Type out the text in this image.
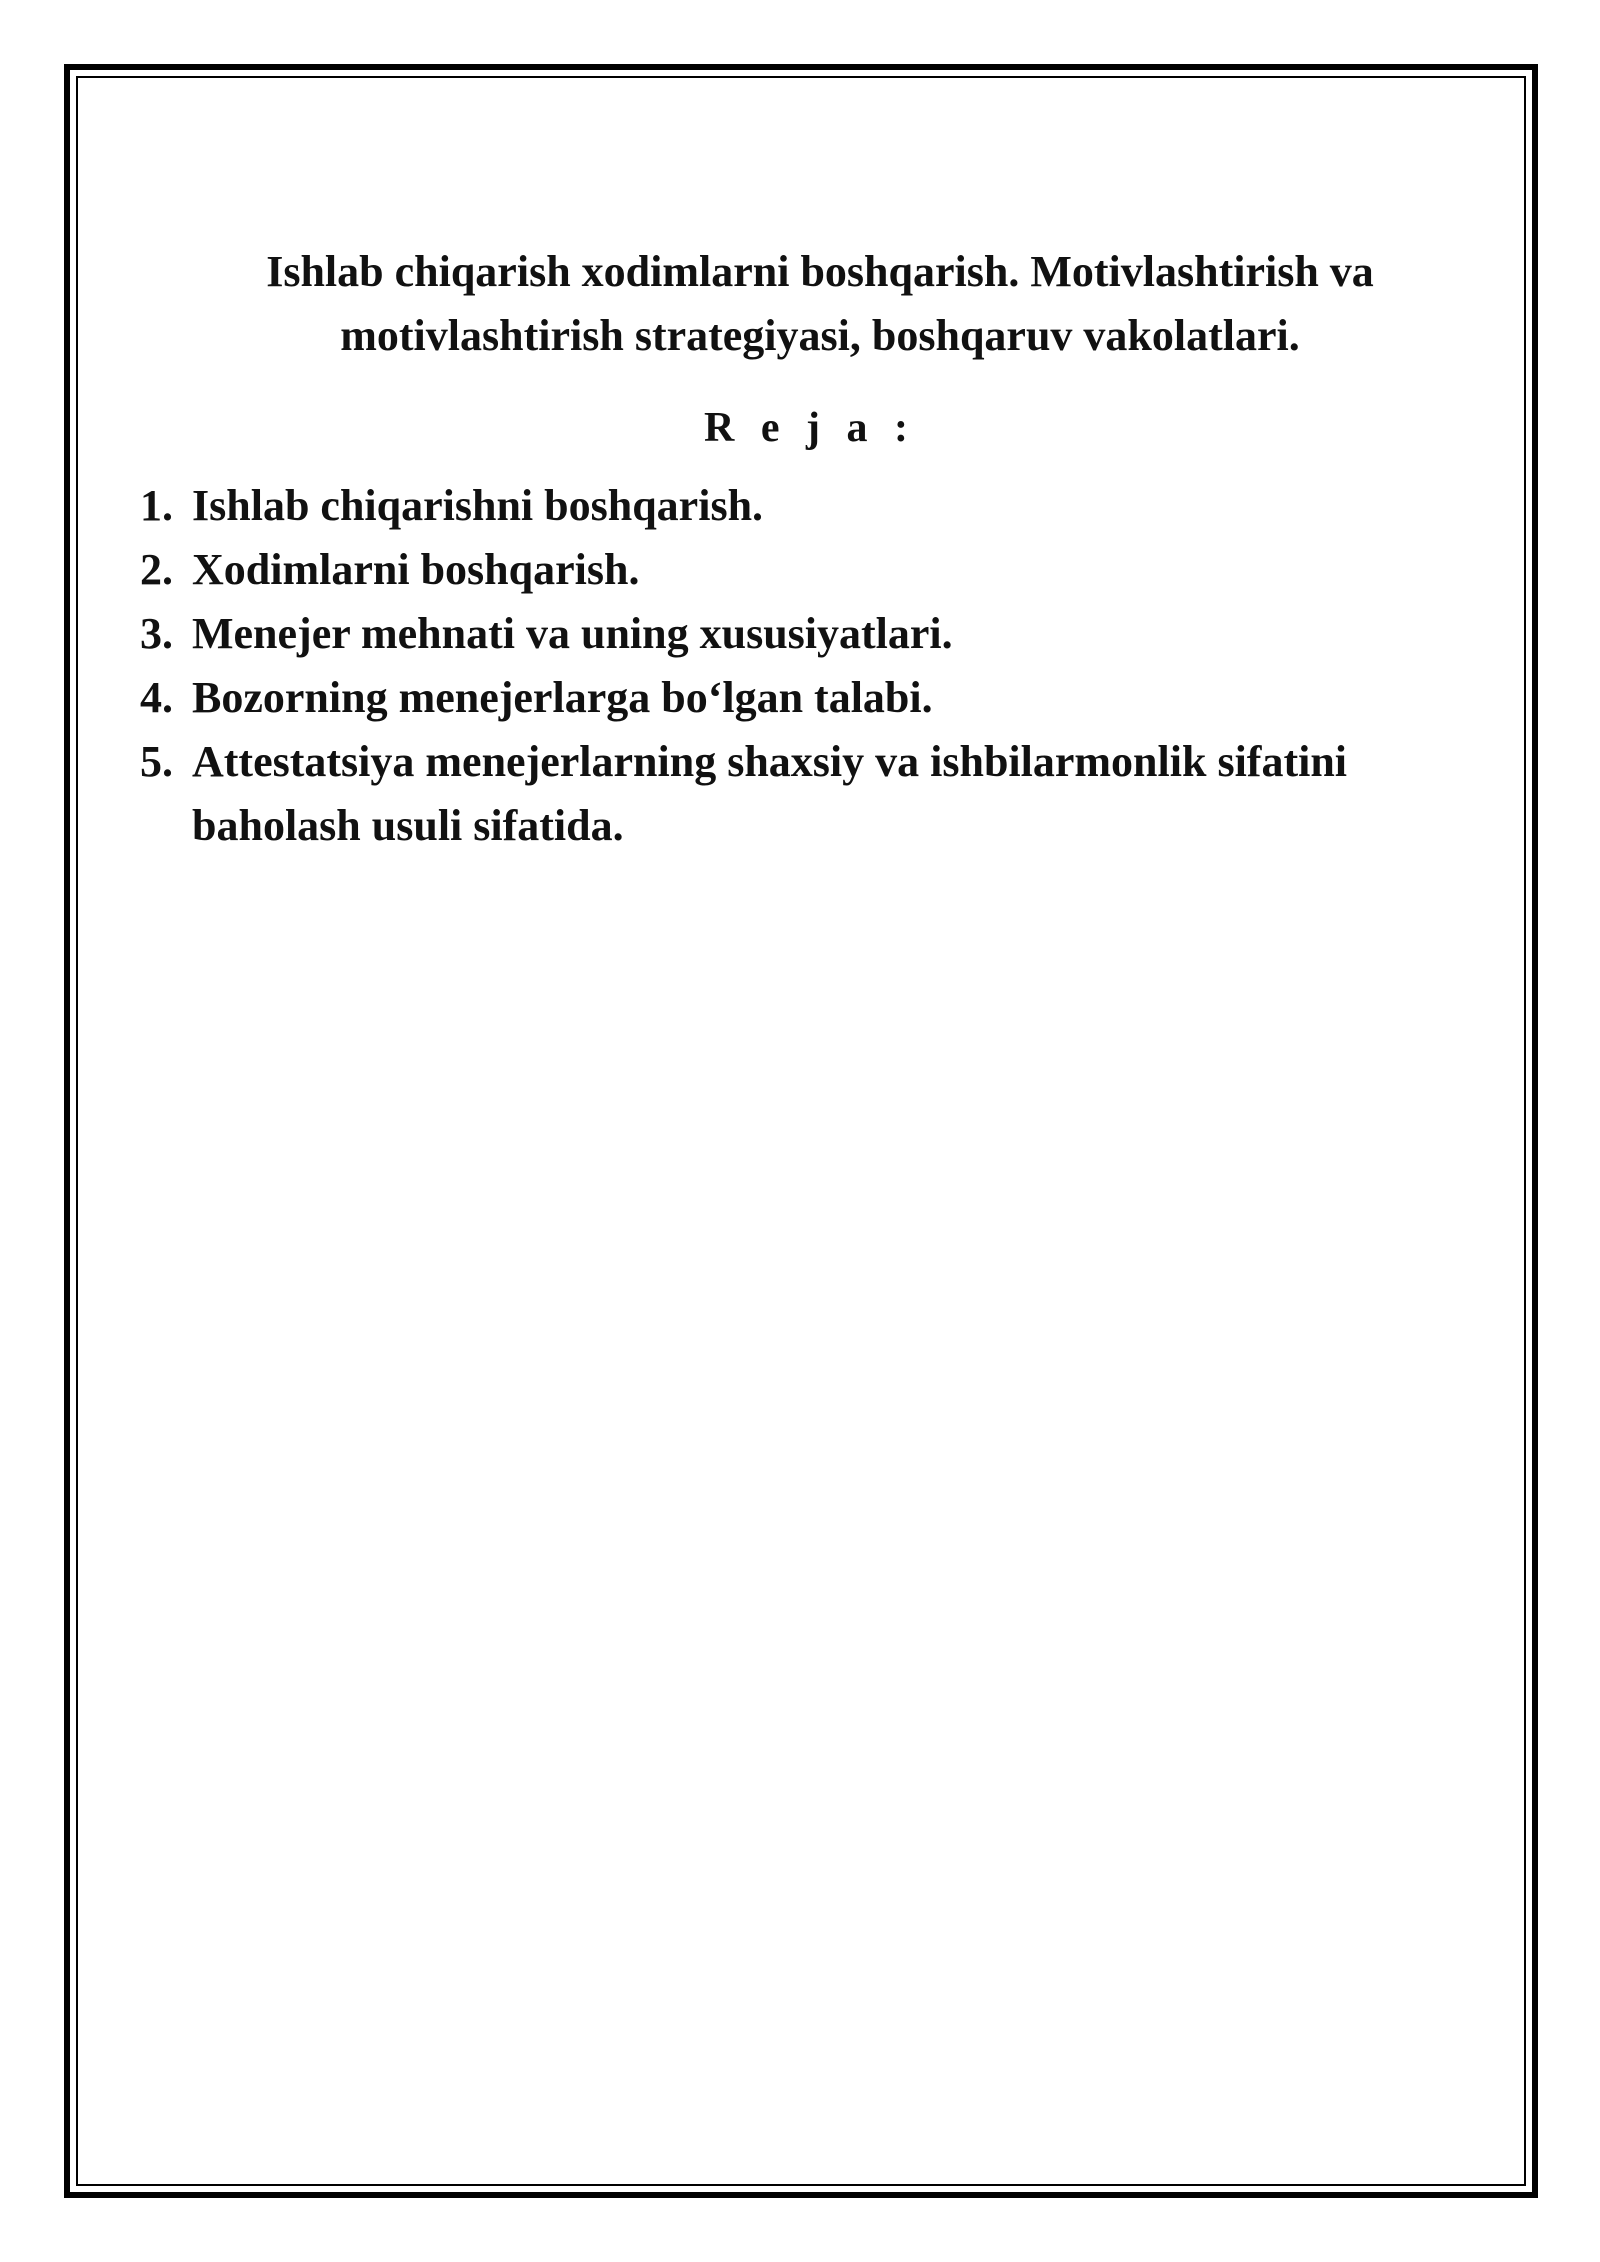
Ishlab chiqarish xodimlarni boshqarish. Motivlashtirish va
motivlashtirish strategiyasi, boshqaruv vakolatlari.
R e j a :
1. Ishlab chiqarishni boshqarish.
2. Xodimlarni boshqarish.
3. Menejer mehnati va uning xususiyatlari.
4. Bozorning menejerlarga bo‘lgan talabi.
5. Attestatsiya menejerlarning shaxsiy va ishbilarmonlik sifatini baholash usuli sifatida.
